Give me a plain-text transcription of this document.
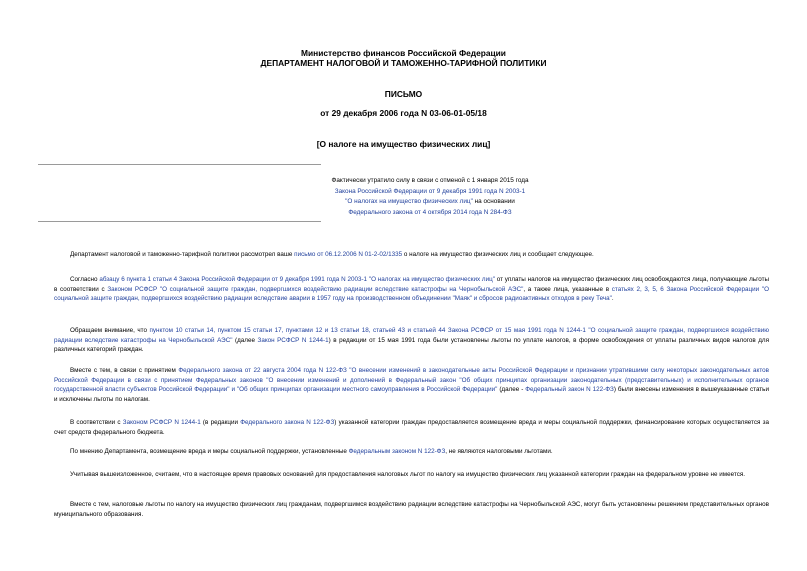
Министерство финансов Российской Федерации
ДЕПАРТАМЕНТ НАЛОГОВОЙ И ТАМОЖЕННО-ТАРИФНОЙ ПОЛИТИКИ
ПИСЬМО
от 29 декабря 2006 года N 03-06-01-05/18
[О налоге на имущество физических лиц]
Фактически утратило силу в связи с отменой с 1 января 2015 года
Закона Российской Федерации от 9 декабря 1991 года N 2003-1
"О налогах на имущество физических лиц" на основании
Федерального закона от 4 октября 2014 года N 284-ФЗ

Департамент налоговой и таможенно-тарифной политики рассмотрел ваше письмо от 06.12.2006 N 01-2-02/1335 о налоге на имущество физических лиц и сообщает следующее.

Согласно абзацу 6 пункта 1 статьи 4 Закона Российской Федерации от 9 декабря 1991 года N 2003-1 "О налогах на имущество физических лиц" от уплаты налогов на имущество физических лиц освобождаются лица, получающие льготы в соответствии с Законом РСФСР "О социальной защите граждан, подвергшихся воздействию радиации вследствие катастрофы на Чернобыльской АЭС", а также лица, указанные в статьях 2, 3, 5, 6 Закона Российской Федерации "О социальной защите граждан, подвергшихся воздействию радиации вследствие аварии в 1957 году на производственном объединении "Маяк" и сбросов радиоактивных отходов в реку Теча".

Обращаем внимание, что пунктом 10 статьи 14, пунктом 15 статьи 17, пунктами 12 и 13 статьи 18, статьей 43 и статьей 44 Закона РСФСР от 15 мая 1991 года N 1244-1 "О социальной защите граждан, подвергшихся воздействию радиации вследствие катастрофы на Чернобыльской АЭС" (далее Закон РСФСР N 1244-1) в редакции от 15 мая 1991 года были установлены льготы по уплате налогов, в форме освобождения от уплаты различных видов налогов для различных категорий граждан.

Вместе с тем, в связи с принятием Федерального закона от 22 августа 2004 года N 122-ФЗ "О внесении изменений в законодательные акты Российской Федерации и признании утратившими силу некоторых законодательных актов Российской Федерации в связи с принятием Федеральных законов "О внесении изменений и дополнений в Федеральный закон "Об общих принципах организации законодательных (представительных) и исполнительных органов государственной власти субъектов Российской Федерации" и "Об общих принципах организации местного самоуправления в Российской Федерации" (далее - Федеральный закон N 122-ФЗ) были внесены изменения в вышеуказанные статьи и исключены льготы по налогам.

В соответствии с Законом РСФСР N 1244-1 (в редакции Федерального закона N 122-ФЗ) указанной категории граждан предоставляется возмещение вреда и меры социальной поддержки, финансирование которых осуществляется за счет средств федерального бюджета.

По мнению Департамента, возмещение вреда и меры социальной поддержки, установленные Федеральным законом N 122-ФЗ, не являются налоговыми льготами.

Учитывая вышеизложенное, считаем, что в настоящее время правовых оснований для предоставления налоговых льгот по налогу на имущество физических лиц указанной категории граждан на федеральном уровне не имеется.

Вместе с тем, налоговые льготы по налогу на имущество физических лиц гражданам, подвергшимся воздействию радиации вследствие катастрофы на Чернобыльской АЭС, могут быть установлены решением представительных органов муниципального образования.
